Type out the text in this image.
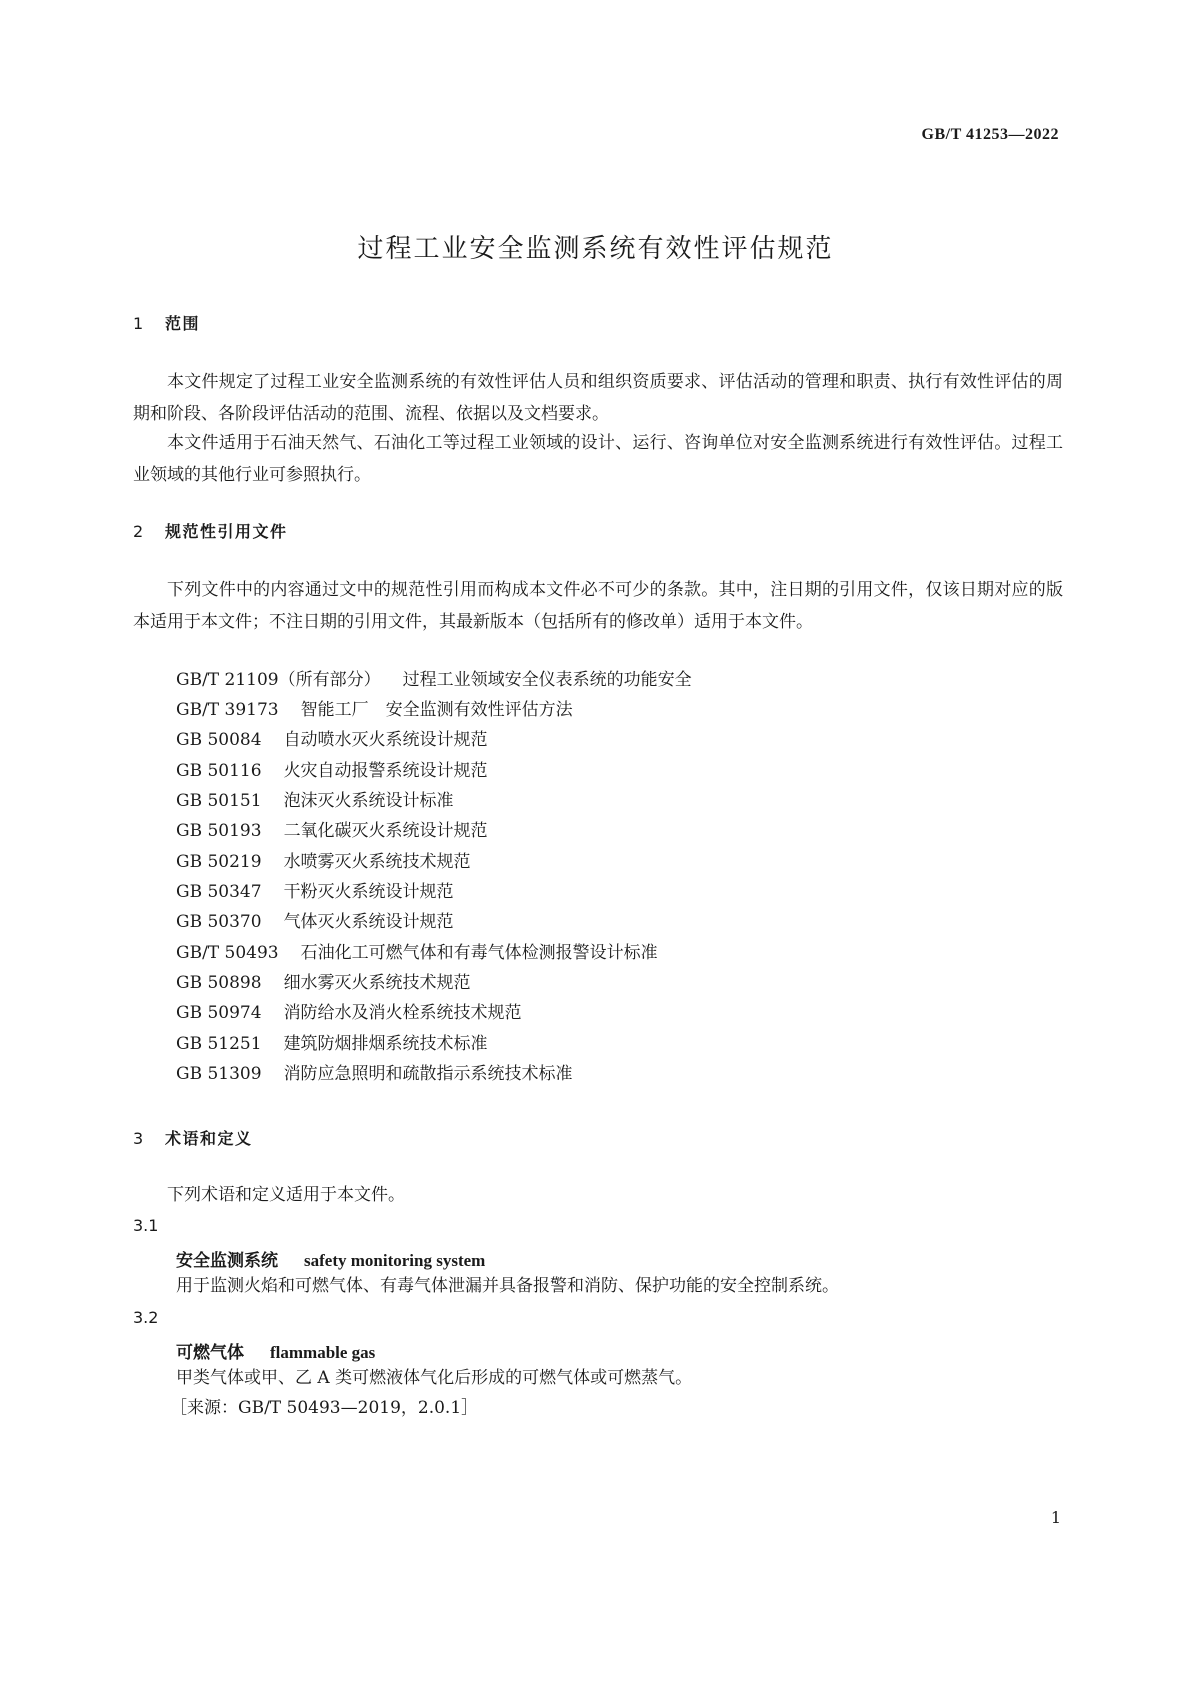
GB/T 41253—2022
过程工业安全监测系统有效性评估规范
1 范围
本文件规定了过程工业安全监测系统的有效性评估人员和组织资质要求、评估活动的管理和职责、执行有效性评估的周期和阶段、各阶段评估活动的范围、流程、依据以及文档要求。
本文件适用于石油天然气、石油化工等过程工业领域的设计、运行、咨询单位对安全监测系统进行有效性评估。过程工业领域的其他行业可参照执行。
2 规范性引用文件
下列文件中的内容通过文中的规范性引用而构成本文件必不可少的条款。其中，注日期的引用文件，仅该日期对应的版本适用于本文件；不注日期的引用文件，其最新版本（包括所有的修改单）适用于本文件。
GB/T 21109（所有部分） 过程工业领域安全仪表系统的功能安全
GB/T 39173 智能工厂　安全监测有效性评估方法
GB 50084 自动喷水灭火系统设计规范
GB 50116 火灾自动报警系统设计规范
GB 50151 泡沫灭火系统设计标准
GB 50193 二氧化碳灭火系统设计规范
GB 50219 水喷雾灭火系统技术规范
GB 50347 干粉灭火系统设计规范
GB 50370 气体灭火系统设计规范
GB/T 50493 石油化工可燃气体和有毒气体检测报警设计标准
GB 50898 细水雾灭火系统技术规范
GB 50974 消防给水及消火栓系统技术规范
GB 51251 建筑防烟排烟系统技术标准
GB 51309 消防应急照明和疏散指示系统技术标准
3 术语和定义
下列术语和定义适用于本文件。
3.1
安全监测系统 safety monitoring system
用于监测火焰和可燃气体、有毒气体泄漏并具备报警和消防、保护功能的安全控制系统。
3.2
可燃气体 flammable gas
甲类气体或甲、乙 A 类可燃液体气化后形成的可燃气体或可燃蒸气。
［来源：GB/T 50493—2019，2.0.1］
1
